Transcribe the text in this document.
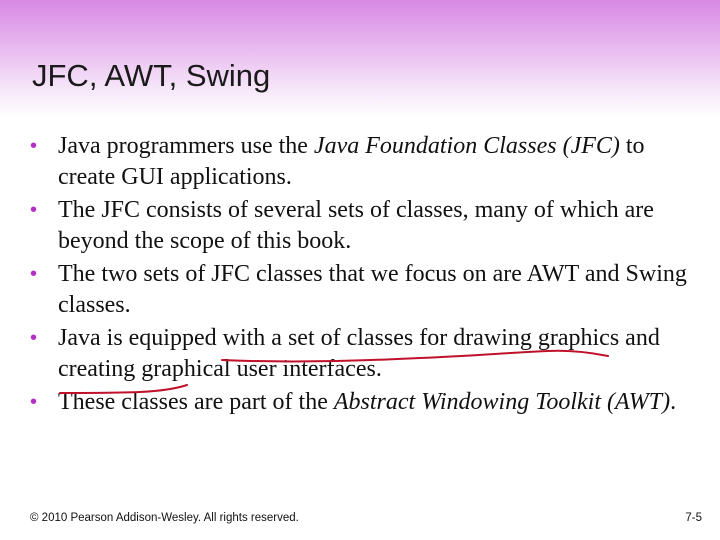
JFC, AWT, Swing
• Java programmers use the Java Foundation Classes (JFC) to create GUI applications.
• The JFC consists of several sets of classes, many of which are beyond the scope of this book.
• The two sets of JFC classes that we focus on are AWT and Swing classes.
• Java is equipped with a set of classes for drawing graphics and creating graphical user interfaces.
• These classes are part of the Abstract Windowing Toolkit (AWT).
© 2010 Pearson Addison-Wesley. All rights reserved.	7-5
